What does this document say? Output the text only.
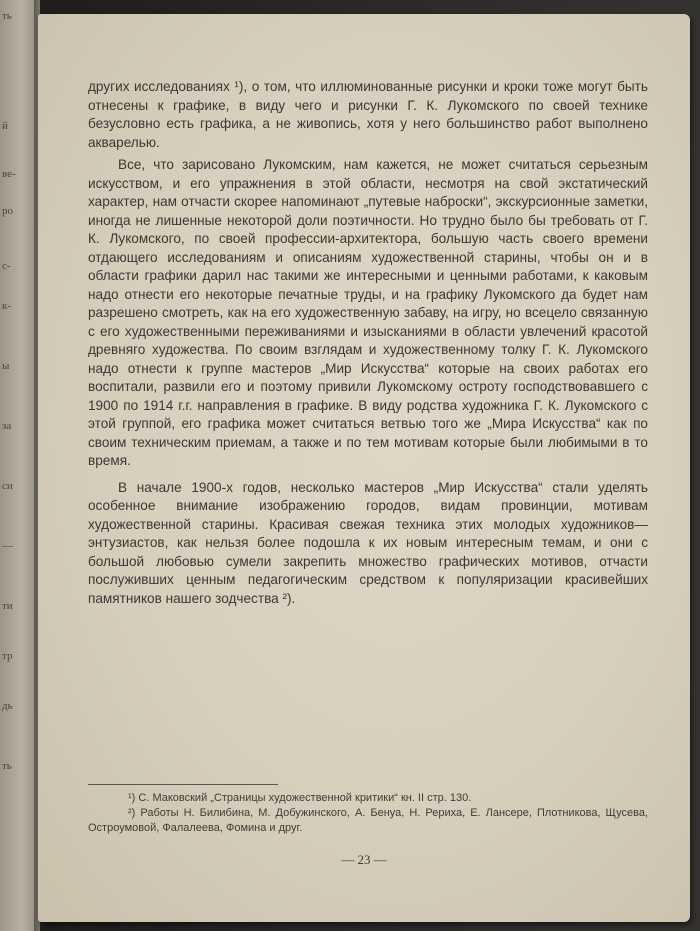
ть
й
ве-
ро
с-
к-
ы
за
си
—
ти
тр
дь
ть

других исследованиях ¹), о том, что иллюминованные рисунки и кроки тоже могут быть отнесены к графике, в виду чего и рисунки Г. К. Лукомского по своей технике безусловно есть графика, а не живопись, хотя у него большинство работ выполнено акварелью.

Все, что зарисовано Лукомским, нам кажется, не может считаться серьезным искусством, и его упражнения в этой области, несмотря на свой экстатический характер, нам отчасти скорее напоминают „путевые наброски“, экскурсионные заметки, иногда не лишенные некоторой доли поэтичности. Но трудно было бы требовать от Г. К. Лукомского, по своей профессии-архитектора, большую часть своего времени отдающего исследованиям и описаниям художественной старины, чтобы он и в области графики дарил нас такими же интересными и ценными работами, к каковым надо отнести его некоторые печатные труды, и на графику Лукомского да будет нам разрешено смотреть, как на его художественную забаву, на игру, но всецело связанную с его художественными переживаниями и изысканиями в области увлечений красотой древняго художества. По своим взглядам и художественному толку Г. К. Лукомского надо отнести к группе мастеров „Мир Искусства“ которые на своих работах его воспитали, развили его и поэтому привили Лукомскому остроту господствовавшего с 1900 по 1914 г.г. направления в графике. В виду родства художника Г. К. Лукомского с этой группой, его графика может считаться ветвью того же „Мира Искусства“ как по своим техническим приемам, а также и по тем мотивам которые были любимыми в то время.

В начале 1900-х годов, несколько мастеров „Мир Искусства“ стали уделять особенное внимание изображению городов, видам провинции, мотивам художественной старины. Красивая свежая техника этих молодых художников—энтузиастов, как нельзя более подошла к их новым интересным темам, и они с большой любовью сумели закрепить множество графических мотивов, отчасти послуживших ценным педагогическим средством к популяризации красивейших памятников нашего зодчества ²).

¹) С. Маковский „Страницы художественной критики“ кн. II стр. 130.

²) Работы Н. Билибина, М. Добужинского, А. Бенуа, Н. Рериха, Е. Лансере, Плотникова, Щусева, Остроумовой, Фалалеева, Фомина и друг.

— 23 —
